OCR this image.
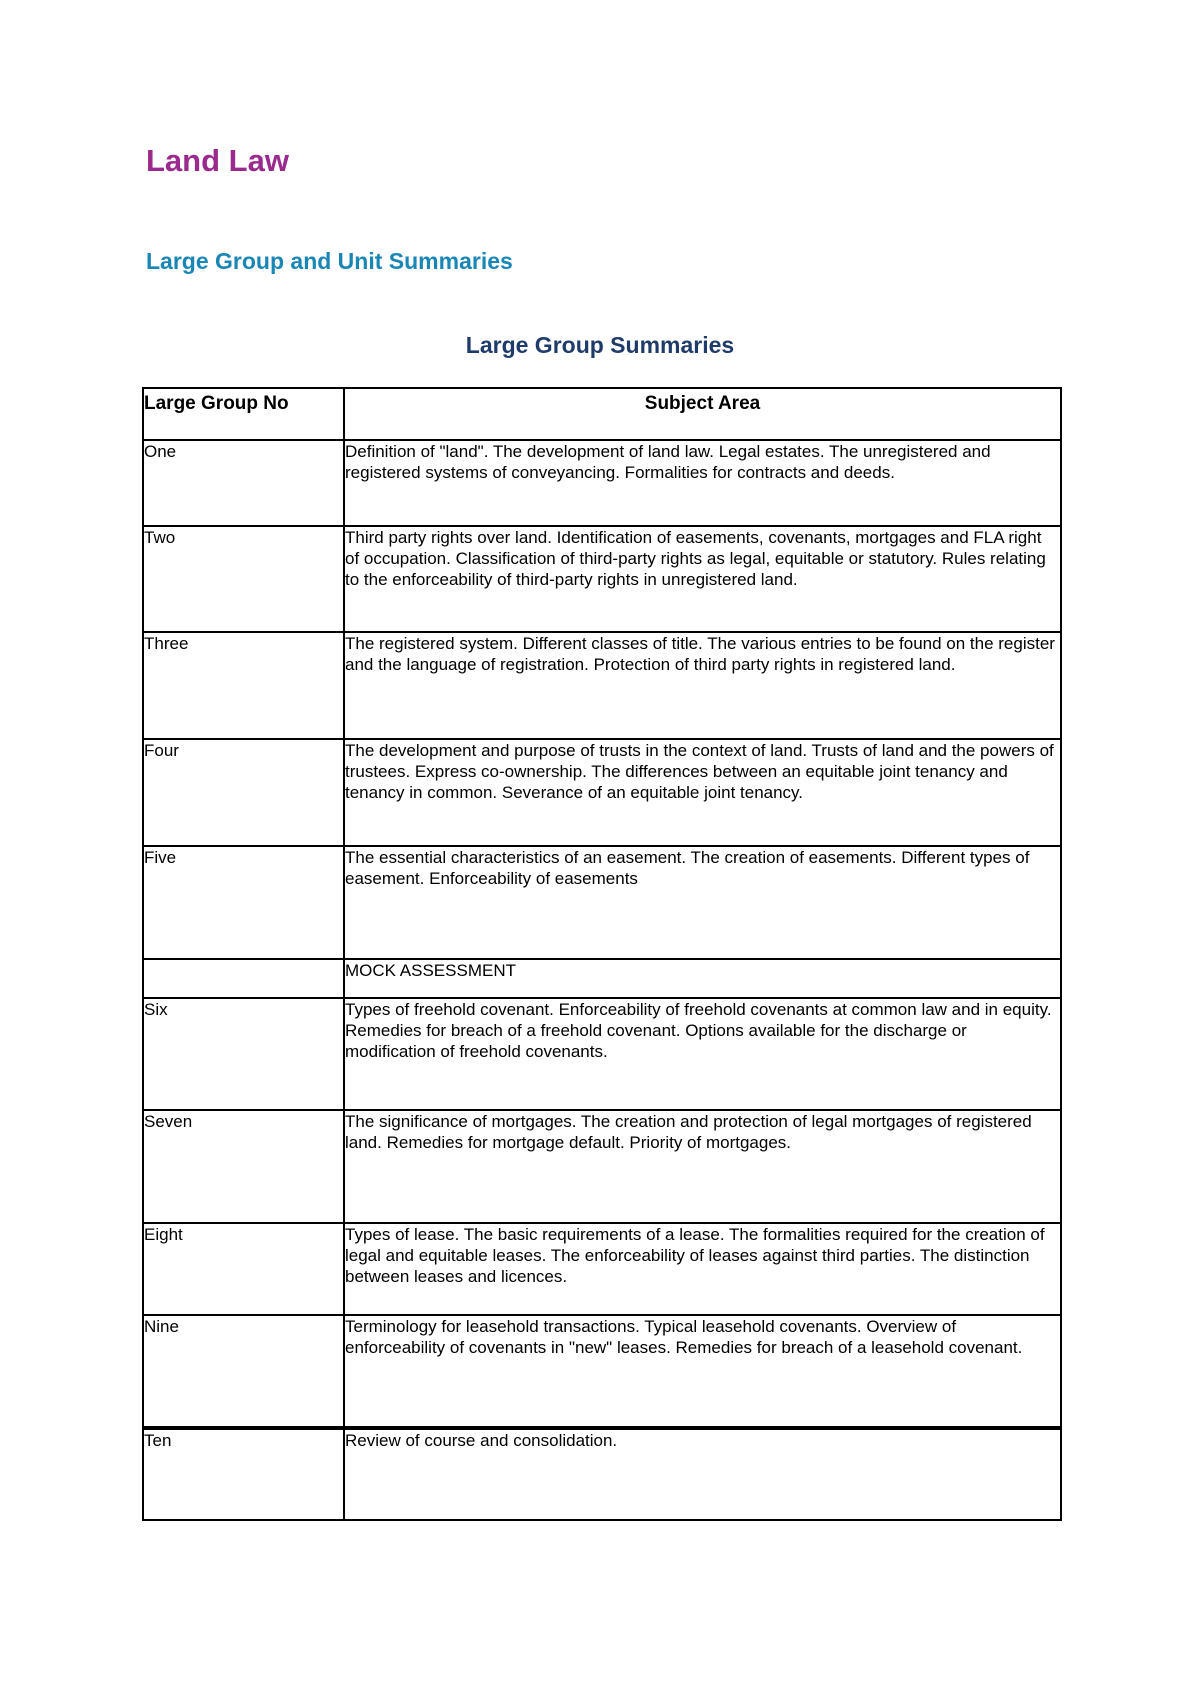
Land Law
Large Group and Unit Summaries
Large Group Summaries
Large Group No	Subject Area
One	Definition of "land". The development of land law. Legal estates. The unregistered and registered systems of conveyancing. Formalities for contracts and deeds.
Two	Third party rights over land. Identification of easements, covenants, mortgages and FLA right of occupation. Classification of third-party rights as legal, equitable or statutory. Rules relating to the enforceability of third-party rights in unregistered land.
Three	The registered system. Different classes of title. The various entries to be found on the register and the language of registration. Protection of third party rights in registered land.
Four	The development and purpose of trusts in the context of land. Trusts of land and the powers of trustees. Express co-ownership. The differences between an equitable joint tenancy and tenancy in common. Severance of an equitable joint tenancy.
Five	The essential characteristics of an easement. The creation of easements. Different types of easement. Enforceability of easements
	MOCK ASSESSMENT
Six	Types of freehold covenant. Enforceability of freehold covenants at common law and in equity. Remedies for breach of a freehold covenant. Options available for the discharge or modification of freehold covenants.
Seven	The significance of mortgages. The creation and protection of legal mortgages of registered land. Remedies for mortgage default. Priority of mortgages.
Eight	Types of lease. The basic requirements of a lease. The formalities required for the creation of legal and equitable leases. The enforceability of leases against third parties. The distinction between leases and licences.
Nine	Terminology for leasehold transactions. Typical leasehold covenants. Overview of enforceability of covenants in "new" leases. Remedies for breach of a leasehold covenant.
Ten	Review of course and consolidation.
